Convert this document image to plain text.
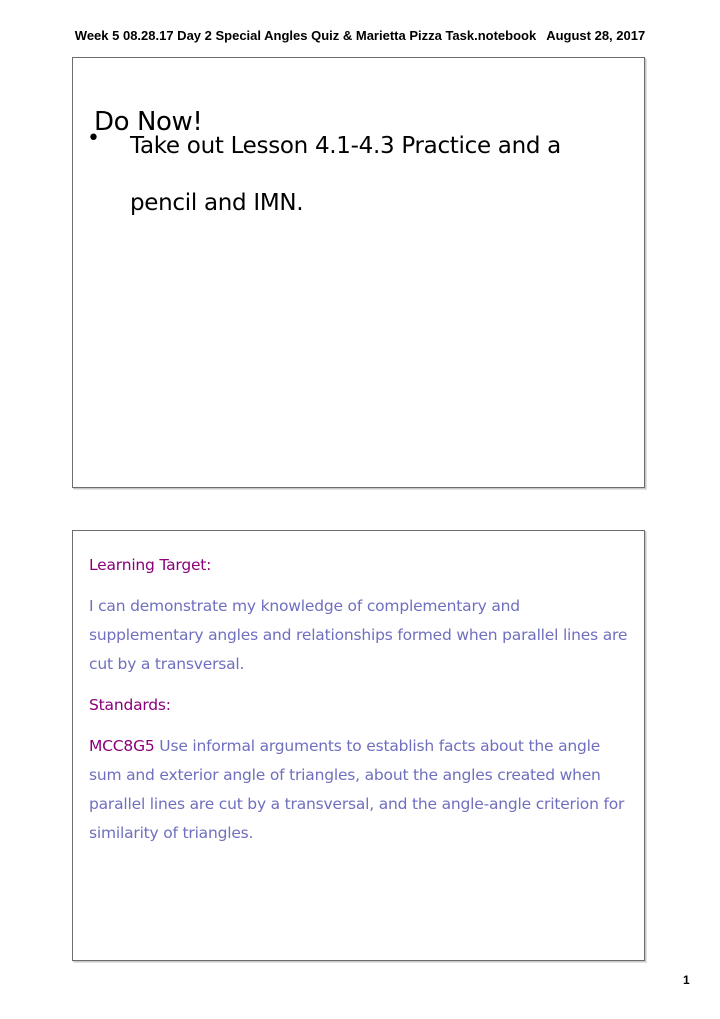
Week 5 08.28.17 Day 2 Special Angles Quiz & Marietta Pizza Task.notebook August 28, 2017
Do Now!
• Take out Lesson 4.1-4.3 Practice and a pencil and IMN.

Learning Target:

I can demonstrate my knowledge of complementary and supplementary angles and relationships formed when parallel lines are cut by a transversal.

Standards:

MCC8G5 Use informal arguments to establish facts about the angle sum and exterior angle of triangles, about the angles created when parallel lines are cut by a transversal, and the angle-angle criterion for similarity of triangles.

1
